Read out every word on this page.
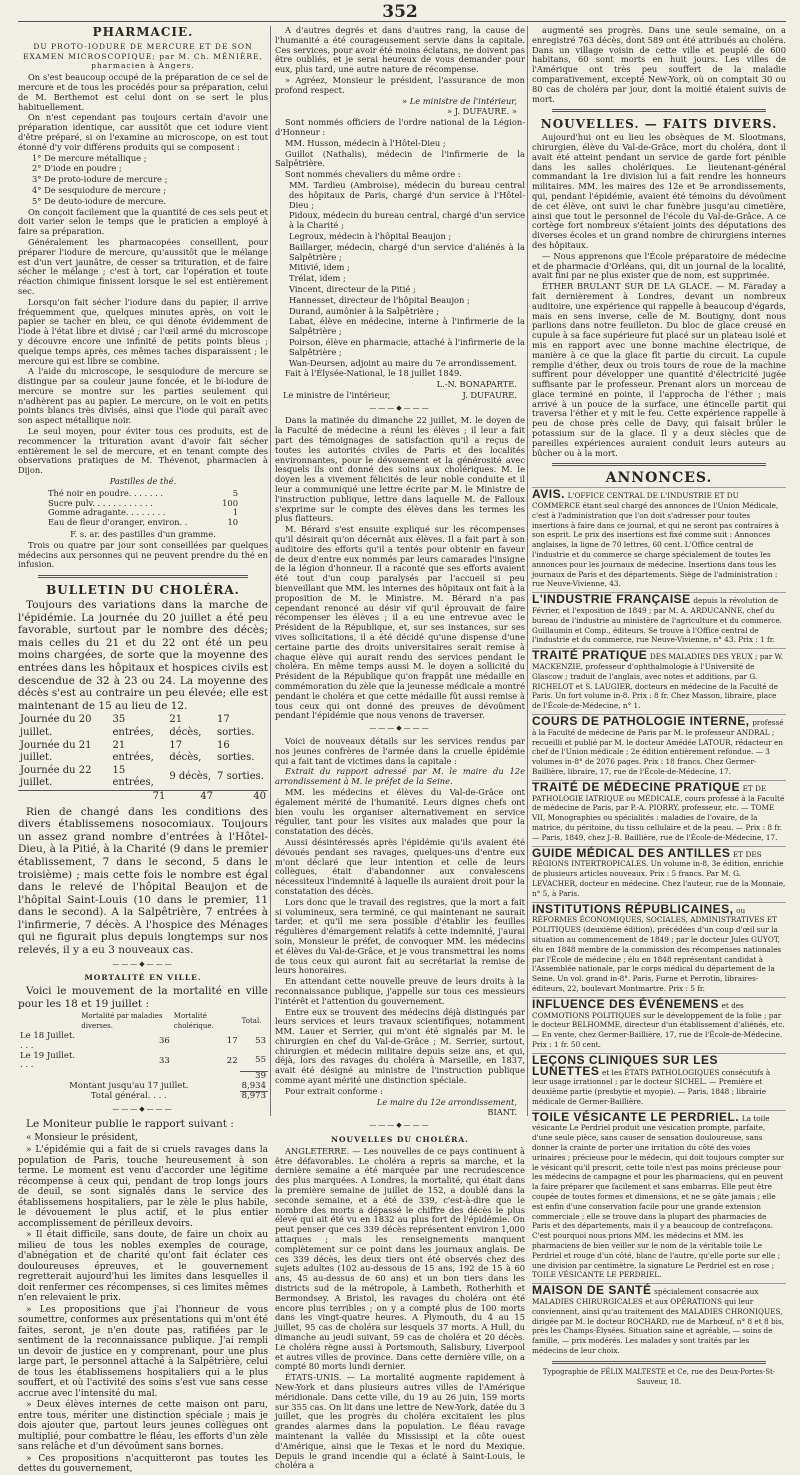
352
PHARMACIE.
DU PROTO-IODURE DE MERCURE ET DE SON EXAMEN MICROSCOPIQUE; par M. Ch. MÉNIÈRE, pharmacien à Angers.

On s'est beaucoup occupé de la préparation de ce sel de mercure et de tous les procédés pour sa préparation, celui de M. Berthemot est celui dont on se sert le plus habituellement.

On n'est cependant pas toujours certain d'avoir une préparation identique, car aussitôt que cet iodure vient d'être préparé, si on l'examine au microscope, on est tout étonné d'y voir différens produits qui se composent :

1° De mercure métallique ;

2° D'iode en poudre ;

3° De proto-iodure de mercure ;

4° De sesquiodure de mercure ;

5° De deuto-iodure de mercure.

On conçoit facilement que la quantité de ces sels peut et doit varier selon le temps que le praticien a employé à faire sa préparation.

Généralement les pharmacopées conseillent, pour préparer l'iodure de mercure, qu'aussitôt que le mélange est d'un vert jaunâtre, de cesser sa trituration, et de faire sécher le mélange ; c'est à tort, car l'opération et toute réaction chimique finissent lorsque le sel est entièrement sec.

Lorsqu'on fait sécher l'iodure dans du papier, il arrive fréquemment que, quelques minutes après, on voit le papier se tacher en bleu, ce qui dénote évidemment de l'iode à l'état libre et divisé ; car l'œil armé du microscope y découvre encore une infinité de petits points bleus ; quelque temps après, ces mêmes taches disparaissent ; le mercure qui est libre se combine.

A l'aide du microscope, le sesquiodure de mercure se distingue par sa couleur jaune foncée, et le bi-iodure de mercure se montre sur les parties seulement qui n'adhèrent pas au papier. Le mercure, on le voit en petits points blancs très divisés, ainsi que l'iode qui paraît avec son aspect métallique noir.

Le seul moyen, pour éviter tous ces produits, est de recommencer la trituration avant d'avoir fait sécher entièrement le sel de mercure, et en tenant compte des observations pratiques de M. Thévenot, pharmacien à Dijon.

Pastilles de thé.

Thé noir en poudre. . . . . . .	5
Sucre pulv. . . . . . . . . . . .	100
Gomme adragante. . . . . . . .	1
Eau de fleur d'oranger, environ. .	10

F. s. ar. des pastilles d'un gramme.

Trois ou quatre par jour sont conseillées par quelques médecins aux personnes qui ne peuvent prendre du thé en infusion.

BULLETIN DU CHOLÉRA.

Toujours des variations dans la marche de l'épidémie. La journée du 20 juillet a été peu favorable, surtout par le nombre des décès; mais celles du 21 et du 22 ont été un peu moins chargées, de sorte que la moyenne des entrées dans les hôpitaux et hospices civils est descendue de 32 à 23 ou 24. La moyenne des décès s'est au contraire un peu élevée; elle est maintenant de 15 au lieu de 12.

Journée du 20 juillet.	35 entrées,	21 décès,	17 sorties.
Journée du 21 juillet.	21 entrées,	17 décès,	16 sorties.
Journée du 22 juillet.	15 entrées,	9 décès,	7 sorties.
	71	47	40

Rien de changé dans les conditions des divers établissemens nosocomiaux. Toujours un assez grand nombre d'entrées à l'Hôtel-Dieu, à la Pitié, à la Charité (9 dans le premier établissement, 7 dans le second, 5 dans le troisième) ; mais cette fois le nombre est égal dans le relevé de l'hôpital Beaujon et de l'hôpital Saint-Louis (10 dans le premier, 11 dans le second). A la Salpêtrière, 7 entrées à l'infirmerie, 7 décès. A l'hospice des Ménages qui ne figurait plus depuis longtemps sur nos relevés, il y a eu 3 nouveaux cas.

———◆———
MORTALITÉ EN VILLE.

Voici le mouvement de la mortalité en ville pour les 18 et 19 juillet :

	Mortalité par maladies diverses.	Mortalité cholérique.	Total.
Le 18 Juillet. . . .	36	17	53
Le 19 Juillet. . . .	33	22	55
			39
Montant jusqu'au 17 juillet.			8,934
Total général. . . .			8,973
———◆———

Le Moniteur publie le rapport suivant :

« Monsieur le président,

» L'épidémie qui a fait de si cruels ravages dans la population de Paris, touche heureusement à son terme. Le moment est venu d'accorder une légitime récompense à ceux qui, pendant de trop longs jours de deuil, se sont signalés dans le service des établissemens hospitaliers, par le zèle le plus habile, le dévouement le plus actif, et le plus entier accomplissement de périlleux devoirs.

» Il était difficile, sans doute, de faire un choix au milieu de tous les nobles exemples de courage, d'abnégation et de charité qu'ont fait éclater ces douloureuses épreuves, et le gouvernement regretterait aujourd'hui les limites dans lesquelles il doit renfermer ces récompenses, si ces limites mêmes n'en relevaient le prix.

» Les propositions que j'ai l'honneur de vous soumettre, conformes aux présentations qui m'ont été faites, seront, je n'en doute pas, ratifiées par le sentiment de la reconnaissance publique. J'ai rempli un devoir de justice en y comprenant, pour une plus large part, le personnel attaché à la Salpêtrière, celui de tous les établissemens hospitaliers qui a le plus souffert, et où l'activité des soins s'est vue sans cesse accrue avec l'intensité du mal.

» Deux élèves internes de cette maison ont paru, entre tous, mériter une distinction spéciale ; mais je dois ajouter que, partout leurs jeunes collègues ont multiplié, pour combattre le fléau, les efforts d'un zèle sans relâche et d'un dévoûment sans bornes.

» Ces propositions n'acquitteront pas toutes les dettes du gouvernement,

A d'autres degrés et dans d'autres rang, la cause de l'humanité a été courageusement servie dans la capitale. Ces services, pour avoir été moins éclatans, ne doivent pas être oubliés, et je serai heureux de vous demander pour eux, plus tard, une autre nature de récompense.

» Agréez, Monsieur le président, l'assurance de mon profond respect.

» Le ministre de l'intérieur,

» J. DUFAURE. »

Sont nommés officiers de l'ordre national de la Légion-d'Honneur :

MM. Husson, médecin à l'Hôtel-Dieu ;

Guillot (Nathalis), médecin de l'infirmerie de la Salpêtrière.

Sont nommés chevaliers du même ordre :

MM. Tardieu (Ambroise), médecin du bureau central des hôpitaux de Paris, chargé d'un service à l'Hôtel-Dieu ;

Pidoux, médecin du bureau central, chargé d'un service à la Charité ;

Legroux, médecin à l'hôpital Beaujon ;

Baillarger, médecin, chargé d'un service d'aliénés à la Salpêtrière ;

Mitivié, idem ;

Trélat, idem ;

Vincent, directeur de la Pitié ;

Hannesset, directeur de l'hôpital Beaujon ;

Durand, aumônier à la Salpêtrière ;

Labat, élève en médecine, interne à l'infirmerie de la Salpêtrière ;

Poirson, élève en pharmacie, attaché à l'infirmerie de la Salpêtrière ;

Wan-Deursen, adjoint au maire du 7e arrondissement.

Fait à l'Élysée-National, le 18 juillet 1849.

L.-N. BONAPARTE.

Le ministre de l'intérieur,	J. DUFAURE.
———◆———

Dans la matinée du dimanche 22 juillet, M. le doyen de la Faculté de médecine a réuni les élèves ; il leur a fait part des témoignages de satisfaction qu'il a reçus de toutes les autorités civiles de Paris et des localités environnantes, pour le dévouement et la générosité avec lesquels ils ont donné des soins aux cholériques. M. le doyen les a vivement félicités de leur noble conduite et il leur a communiqué une lettre écrite par M. le Ministre de l'instruction publique, lettre dans laquelle M. de Falloux s'exprime sur le compte des élèves dans les termes les plus flatteurs.

M. Bérard s'est ensuite expliqué sur les récompenses qu'il désirait qu'on décernât aux élèves. Il a fait part à son auditoire des efforts qu'il a tentés pour obtenir en faveur de deux d'entre eux nommés par leurs camarades l'insigne de la légion d'honneur. Il a raconté que ses efforts avaient été tout d'un coup paralysés par l'accueil si peu bienveillant que MM. les internes des hôpitaux ont fait à la proposition de M. le Ministre. M. Bérard n'a pas cependant renoncé au désir vif qu'il éprouvait de faire récompenser les élèves ; il a eu une entrevue avec le Président de la République, et, sur ses instances, sur ses vives sollicitations, il a été décidé qu'une dispense d'une certaine partie des droits universitaires serait remise à chaque élève qui aurait rendu des services pendant le choléra. En même temps aussi M. le doyen a sollicité du Président de la République qu'on frappât une médaille en commémoration du zèle que la jeunesse médicale a montré pendant le choléra et que cette médaille fût aussi remise à tous ceux qui ont donné des preuves de dévoûment pendant l'épidémie que nous venons de traverser.

———◆———

Voici de nouveaux détails sur les services rendus par nos jeunes confrères de l'armée dans la cruelle épidémie qui a fait tant de victimes dans la capitale :

Extrait du rapport adressé par M. le maire du 12e arrondissement à M. le préfet de la Seine.

MM. les médecins et élèves du Val-de-Grâce ont également mérité de l'humanité. Leurs dignes chefs ont bien voulu les organiser alternativement en service régulier, tant pour les visites aux malades que pour la constatation des décès.

Aussi désintéressés après l'épidémie qu'ils avaient été dévoués pendant ses ravages, quelques-uns d'entre eux m'ont déclaré que leur intention et celle de leurs collègues, était d'abandonner aux convalescens nécessiteux l'indemnité à laquelle ils auraient droit pour la constatation des décès.

Lors donc que le travail des registres, que la mort a fait si volumineux, sera terminé, ce qui maintenant ne saurait tarder, et qu'il me sera possible d'établir les feuilles régulières d'émargement relatifs à cette indemnité, j'aurai soin, Monsieur le préfet, de convoquer MM. les médecins et élèves du Val-de-Grâce, et je vous transmettrai les noms de tous ceux qui auront fait au secrétariat la remise de leurs honoraires.

En attendant cette nouvelle preuve de leurs droits à la reconnaissance publique, j'appelle sur tous ces messieurs l'intérêt et l'attention du gouvernement.

Entre eux se trouvent des médecins déjà distingués par leurs services et leurs travaux scientifiques, notamment MM. Lauer et Serrier, qui m'ont été signalés par M. le chirurgien en chef du Val-de-Grâce ; M. Serrier, surtout, chirurgien et médecin militaire depuis seize ans, et qui, déjà, lors des ravages du choléra à Marseille, en 1837, avait été désigné au ministre de l'instruction publique comme ayant mérité une distinction spéciale.

Pour extrait conforme :

Le maire du 12e arrondissement,

BIANT.

———◆———
NOUVELLES DU CHOLÉRA.

ANGLETERRE. — Les nouvelles de ce pays continuent à être défavorables. Le choléra a repris sa marche, et la dernière semaine a été marquée par une recrudescence des plus marquées. A Londres, la mortalité, qui était dans la première semaine de juillet de 152, a doublé dans la seconde semaine, et a été de 339, c'est-à-dire que le nombre des morts a dépassé le chiffre des décès le plus élevé qui ait été vu en 1832 au plus fort de l'épidémie. On peut penser que ces 339 décès représentent environ 1,000 attaques ; mais les renseignements manquent complètement sur ce point dans les journaux anglais. De ces 339 décès, les deux tiers ont été observés chez des sujets adultes (102 au-dessous de 15 ans, 192 de 15 à 60 ans, 45 au-dessus de 60 ans) et un bon tiers dans les districts sud de la métropole, à Lambeth, Rotherhith et Bermondsey. A Bristol, les ravages du choléra ont été encore plus terribles ; on y a compté plus de 100 morts dans les vingt-quatre heures. A Plymouth, du 4 au 15 juillet, 95 cas de choléra sur lesquels 37 morts. A Hull, du dimanche au jeudi suivant, 59 cas de choléra et 20 décès. Le choléra règne aussi à Portsmouth, Salisbury, Liverpool et autres villes de province. Dans cette dernière ville, on a compté 80 morts lundi dernier.

ÉTATS-UNIS. — La mortalité augmente rapidement à New-York et dans plusieurs autres villes de l'Amérique méridionale. Dans cette ville, du 19 au 26 juin, 159 morts sur 355 cas. On lit dans une lettre de New-York, datée du 3 juillet, que les progrès du choléra excitaient les plus grandes alarmes dans la population. Le fléau ravage maintenant la vallée du Mississipi et la côte ouest d'Amérique, ainsi que le Texas et le nord du Mexique. Depuis le grand incendie qui a éclaté à Saint-Louis, le choléra a

augmenté ses progrès. Dans une seule semaine, on a enregistré 763 décès, dont 589 ont été attribués au choléra. Dans un village voisin de cette ville et peuplé de 600 habitans, 60 sont morts en huit jours. Les villes de l'Amérique ont très peu souffert de la maladie comparativement, excepté New-York, où on comptait 30 ou 80 cas de choléra par jour, dont la moitié étaient suivis de mort.

NOUVELLES. — FAITS DIVERS.

Aujourd'hui ont eu lieu les obsèques de M. Slootmans, chirurgien, élève du Val-de-Grâce, mort du choléra, dont il avait été atteint pendant un service de garde fort pénible dans les salles cholériques. Le lieutenant-général commandant la 1re division lui a fait rendre les honneurs militaires. MM. les maires des 12e et 9e arrondissements, qui, pendant l'épidémie, avaient été témoins du dévoûment de cet élève, ont suivi le char funèbre jusqu'au cimetière, ainsi que tout le personnel de l'école du Val-de-Grâce. A ce cortège fort nombreux s'étaient joints des députations des diverses écoles et un grand nombre de chirurgiens internes des hôpitaux.

— Nous apprenons que l'École préparatoire de médecine et de pharmacie d'Orléans, qui, dit un journal de la localité, avait fini par ne plus exister que de nom, est supprimée.

ÉTHER BRULANT SUR DE LA GLACE. — M. Faraday a fait dernièrement à Londres, devant un nombreux auditoire, une expérience qui rappelle à beaucoup d'égards, mais en sens inverse, celle de M. Boutigny, dont nous parlions dans notre feuilleton. Du bloc de glace creusé en cupule à sa face supérieure fut placé sur un plateau isolé et mis en rapport avec une bonne machine électrique, de manière à ce que la glace fît partie du circuit. La cupule remplie d'éther, deux ou trois tours de roue de la machine suffirent pour développer une quantité d'électricité jugée suffisante par le professeur. Prenant alors un morceau de glace terminé en pointe, il l'approcha de l'éther ; mais arrivé à un pouce de la surface, une étincelle partit qui traversa l'éther et y mit le feu. Cette expérience rappelle à peu de chose près celle de Davy, qui faisait brûler le potassium sur de la glace. Il y a deux siècles que de pareilles expériences auraient conduit leurs auteurs au bûcher ou à la mort.

ANNONCES.
AVIS. L'OFFICE CENTRAL DE L'INDUSTRIE ET DU COMMERCE étant seul chargé des annonces de l'Union Médicale, c'est à l'administration que l'on doit s'adresser pour toutes insertions à faire dans ce journal, et qui ne seront pas contraires à son esprit. Le prix des insertions est fixé comme suit : Annonces anglaises, la ligne de 70 lettres, 60 cent. L'Office central de l'industrie et du commerce se charge spécialement de toutes les annonces pour les journaux de médecine. Insertions dans tous les journaux de Paris et des départements. Siège de l'administration : rue Neuve-Vivienne, 43.
L'INDUSTRIE FRANÇAISE depuis la révolution de Février, et l'exposition de 1849 ; par M. A. ARDUCANNE, chef du bureau de l'industrie au ministère de l'agriculture et du commerce. Guillaumin et Comp., éditeurs. Se trouve à l'Office central de l'industrie et du commerce, rue Neuve-Vivienne, n° 43. Prix : 1 fr.
TRAITÉ PRATIQUE DES MALADIES DES YEUX ; par W. MACKENZIE, professeur d'ophthalmologie à l'Université de Glascow ; traduit de l'anglais, avec notes et additions, par G. RICHELOT et S. LAUGIER, docteurs en médecine de la Faculté de Paris. Un fort volume in-8. Prix : 8 fr. Chez Masson, libraire, place de l'École-de-Médecine, n° 1.
COURS DE PATHOLOGIE INTERNE, professé à la Faculté de médecine de Paris par M. le professeur ANDRAL ; recueilli et publié par M. le docteur Amédée LATOUR, rédacteur en chef de l'Union médicale ; 2e édition entièrement refondue. — 3 volumes in-8° de 2076 pages. Prix : 18 francs. Chez Germer-Baillière, libraire, 17, rue de l'École-de-Médecine, 17.
TRAITÉ DE MÉDECINE PRATIQUE ET DE PATHOLOGIE IATRIQUE ou MÉDICALE, cours professé à la Faculté de médecine de Paris, par P.-A. PIORRY, professeur, etc. — TOME VII, Monographies ou spécialités : maladies de l'ovaire, de la matrice, du péritoine, du tissu cellulaire et de la peau. — Prix : 8 fr. — Paris, 1849, chez J.-B. Baillière, rue de l'École-de-Médecine, 17.
GUIDE MÉDICAL DES ANTILLES ET DES RÉGIONS INTERTROPICALES. Un volume in-8, 3e édition, enrichie de plusieurs articles nouveaux. Prix : 5 francs. Par M. G. LEVACHER, docteur en médecine. Chez l'auteur, rue de la Monnaie, n° 5, à Paris.
INSTITUTIONS RÉPUBLICAINES, ou RÉFORMES ÉCONOMIQUES, SOCIALES, ADMINISTRATIVES ET POLITIQUES (deuxième édition), précédées d'un coup d'œil sur la situation au commencement de 1849 ; par le docteur Jules GUYOT, élu en 1848 membre de la commission des récompenses nationales par l'École de médecine ; élu en 1848 représentant candidat à l'Assemblée nationale, par le corps médical du département de la Seine. Un vol. grand in-8°. Paris, Furne et Perrotin, libraires-éditeurs, 22, boulevart Montmartre. Prix : 5 fr.
INFLUENCE DES ÉVÉNEMENS et des COMMOTIONS POLITIQUES sur le développement de la folie ; par le docteur BELHOMME, directeur d'un établissement d'aliénés, etc. — En vente, chez Germer-Baillière, 17, rue de l'École-de-Médecine. Prix : 1 fr. 50 cent.
LEÇONS CLINIQUES SUR LES LUNETTES et les ÉTATS PATHOLOGIQUES consécutifs à leur usage irrationnel ; par le docteur SICHEL. — Première et deuxième partie (presbytie et myopie). — Paris, 1848 ; librairie médicale de Germer-Baillière.
TOILE VÉSICANTE LE PERDRIEL. La toile vésicante Le Perdriel produit une vésication prompte, parfaite, d'une seule pièce, sans causer de sensation douloureuse, sans donner la crainte de porter une irritation du côté des voies urinaires ; précieuse pour le médecin, qui doit toujours compter sur le vésicant qu'il prescrit, cette toile n'est pas moins précieuse pour les médecins de campagne et pour les pharmaciens, qui en peuvent la faire préparer que facilement et sans embarras. Elle peut être coupée de toutes formes et dimensions, et ne se gâte jamais ; elle est enfin d'une conservation facile pour une grande extension commerciale ; elle se trouve dans la plupart des pharmacies de Paris et des départements, mais il y a beaucoup de contrefaçons. C'est pourquoi nous prions MM. les médecins et MM. les pharmaciens de bien veiller sur le nom de la véritable toile Le Perdriel et rouge d'un côté, blanc de l'autre, qu'elle porte sur elle ; une division par centimètre, la signature Le Perdriel est en rose ; TOILE VÉSICANTE LE PERDRIEL.
MAISON DE SANTÉ spécialement consacrée aux MALADIES CHIRURGICALES et aux OPÉRATIONS qui leur conviennent, ainsi qu'au traitement des MALADIES CHRONIQUES, dirigée par M. le docteur ROCHARD, rue de Marbœuf, n° 8 et 8 bis, près les Champs-Élysées. Situation saine et agréable, — soins de famille, — prix modérés. Les malades y sont traités par les médecins de leur choix.

Typographie de FÉLIX MALTESTE et Ce, rue des Deux-Portes-St-Sauveur, 18.
